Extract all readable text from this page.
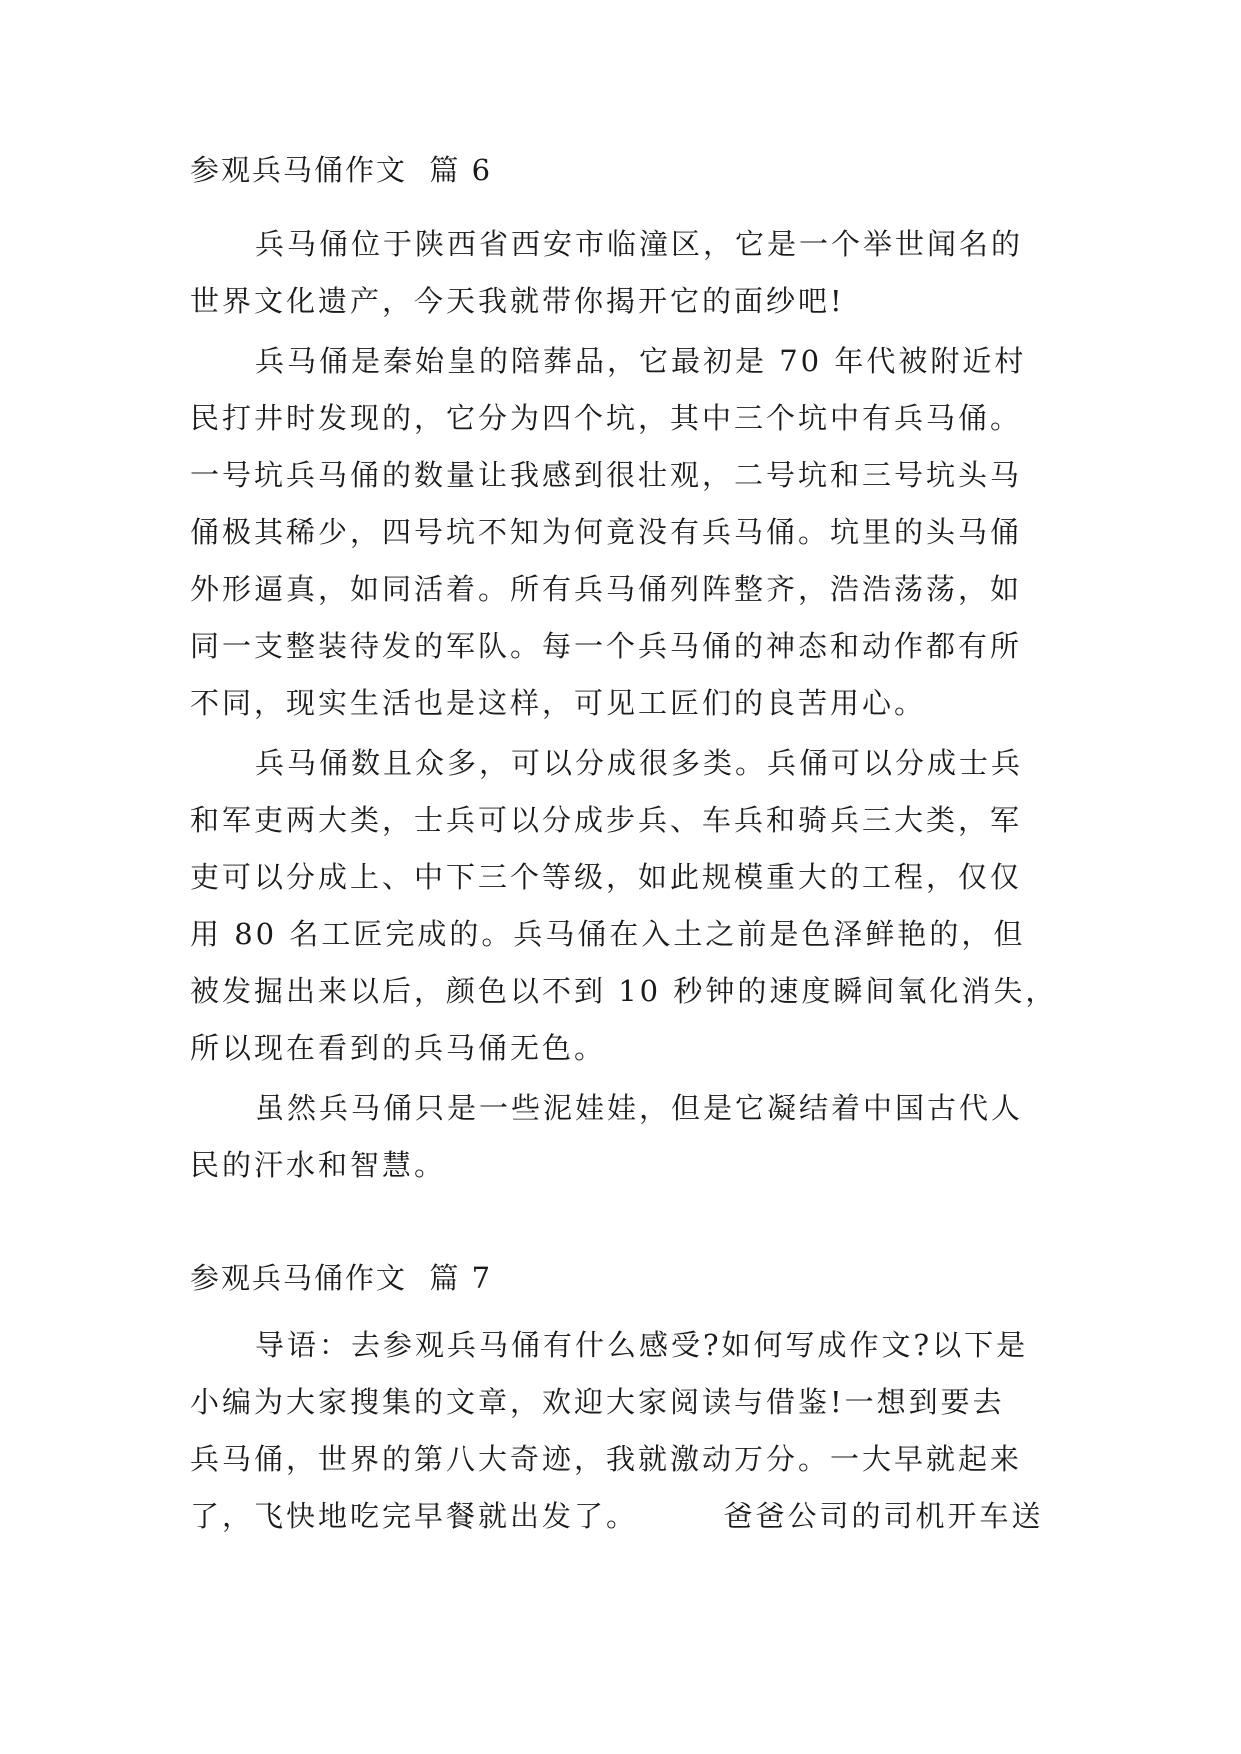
参观兵马俑作文  篇 6
兵马俑位于陕西省西安市临潼区，它是一个举世闻名的
世界文化遗产，今天我就带你揭开它的面纱吧!
兵马俑是秦始皇的陪葬品，它最初是 70 年代被附近村
民打井时发现的，它分为四个坑，其中三个坑中有兵马俑。
一号坑兵马俑的数量让我感到很壮观，二号坑和三号坑头马
俑极其稀少，四号坑不知为何竟没有兵马俑。坑里的头马俑
外形逼真，如同活着。所有兵马俑列阵整齐，浩浩荡荡，如
同一支整装待发的军队。每一个兵马俑的神态和动作都有所
不同，现实生活也是这样，可见工匠们的良苦用心。
兵马俑数且众多，可以分成很多类。兵俑可以分成士兵
和军吏两大类，士兵可以分成步兵、车兵和骑兵三大类，军
吏可以分成上、中下三个等级，如此规模重大的工程，仅仅
用 80 名工匠完成的。兵马俑在入土之前是色泽鲜艳的，但
被发掘出来以后，颜色以不到 10 秒钟的速度瞬间氧化消失，
所以现在看到的兵马俑无色。
虽然兵马俑只是一些泥娃娃，但是它凝结着中国古代人
民的汗水和智慧。
参观兵马俑作文  篇 7
导语：去参观兵马俑有什么感受?如何写成作文?以下是
小编为大家搜集的文章，欢迎大家阅读与借鉴!一想到要去
兵马俑，世界的第八大奇迹，我就激动万分。一大早就起来
了，飞快地吃完早餐就出发了。       爸爸公司的司机开车送
